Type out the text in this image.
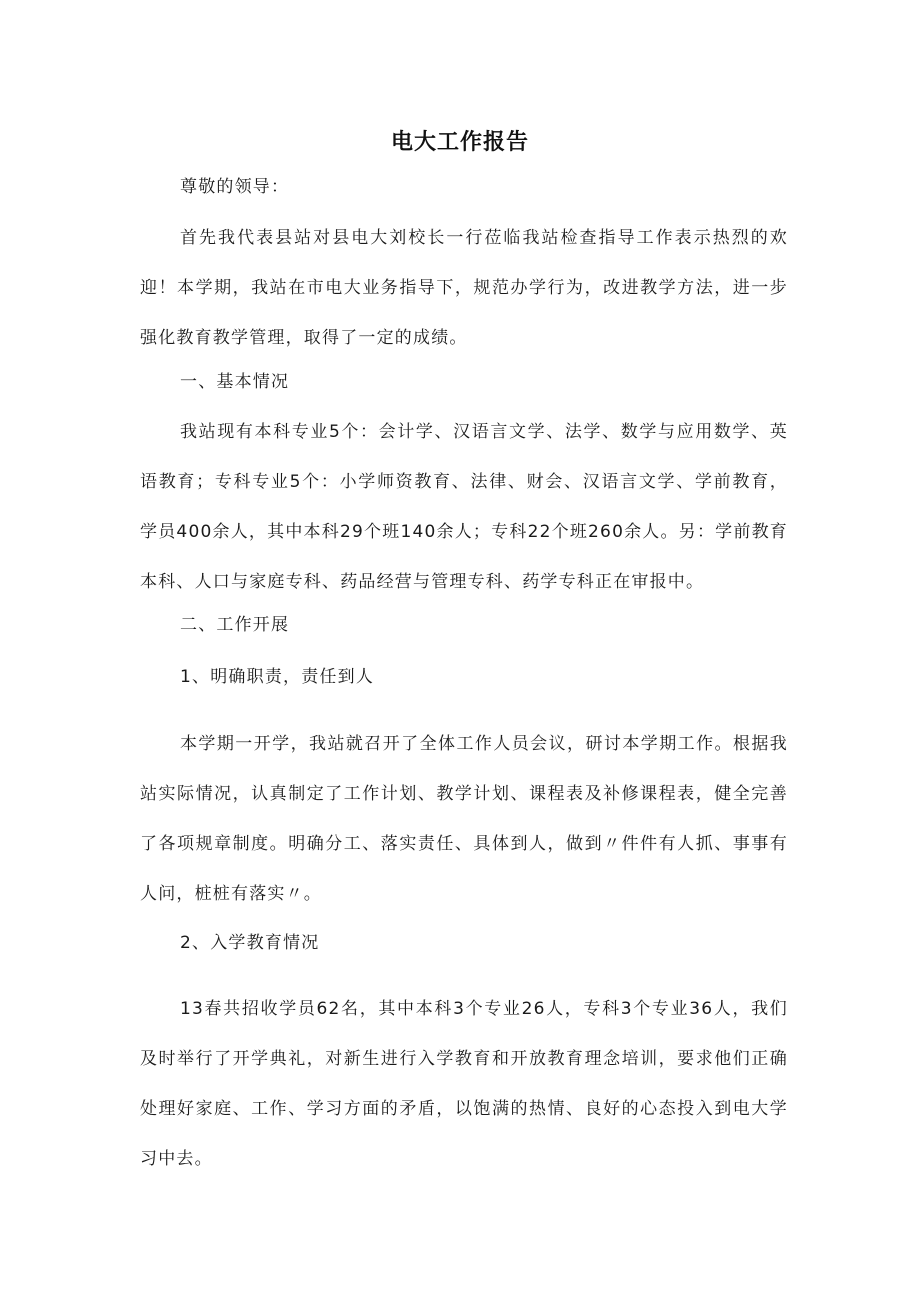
电大工作报告
尊敬的领导：
首先我代表县站对县电大刘校长一行莅临我站检查指导工作表示热烈的欢迎！本学期，我站在市电大业务指导下，规范办学行为，改进教学方法，进一步强化教育教学管理，取得了一定的成绩。
一、基本情况
我站现有本科专业5个：会计学、汉语言文学、法学、数学与应用数学、英语教育；专科专业5个：小学师资教育、法律、财会、汉语言文学、学前教育，学员400余人，其中本科29个班140余人；专科22个班260余人。另：学前教育本科、人口与家庭专科、药品经营与管理专科、药学专科正在审报中。
二、工作开展
1、明确职责，责任到人
本学期一开学，我站就召开了全体工作人员会议，研讨本学期工作。根据我站实际情况，认真制定了工作计划、教学计划、课程表及补修课程表，健全完善了各项规章制度。明确分工、落实责任、具体到人，做到〃件件有人抓、事事有人问，桩桩有落实〃。
2、入学教育情况
13春共招收学员62名，其中本科3个专业26人，专科3个专业36人，我们及时举行了开学典礼，对新生进行入学教育和开放教育理念培训，要求他们正确处理好家庭、工作、学习方面的矛盾，以饱满的热情、良好的心态投入到电大学习中去。
